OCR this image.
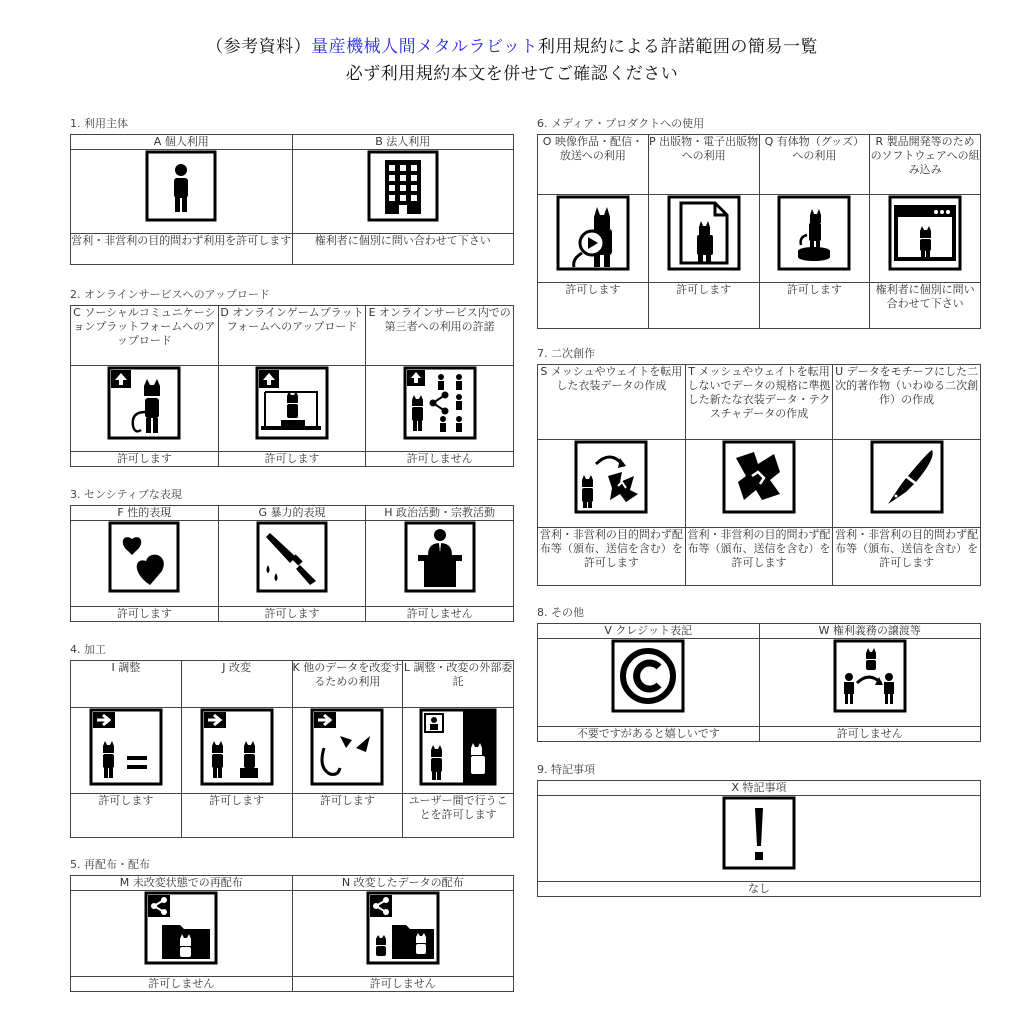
（参考資料）量産機械人間メタルラビット利用規約による許諾範囲の簡易一覧
必ず利用規約本文を併せてご確認ください
1. 利用主体
A 個人利用	B 法人利用

営利・非営利の目的問わず利用を許可します	権利者に個別に問い合わせて下さい
2. オンラインサービスへのアップロード
C ソーシャルコミュニケーションプラットフォームへのアップロード	D オンラインゲームプラットフォームへのアップロード	E オンラインサービス内での第三者への利用の許諾

許可します	許可します	許可しません
3. センシティブな表現
F 性的表現	G 暴力的表現	H 政治活動・宗教活動

許可します	許可します	許可しません
4. 加工
I 調整	J 改変	K 他のデータを改変するための利用	L 調整・改変の外部委託

許可します	許可します	許可します	ユーザー間で行うことを許可します
5. 再配布・配布
M 未改変状態での再配布	N 改変したデータの配布

許可しません	許可しません
6. メディア・プロダクトへの使用
O 映像作品・配信・放送への利用	P 出版物・電子出版物への利用	Q 有体物（グッズ）への利用	R 製品開発等のためのソフトウェアへの組み込み

許可します	許可します	許可します	権利者に個別に問い合わせて下さい
7. 二次創作
S メッシュやウェイトを転用した衣装データの作成	T メッシュやウェイトを転用しないでデータの規格に準拠した新たな衣装データ・テクスチャデータの作成	U データをモチーフにした二次的著作物（いわゆる二次創作）の作成

営利・非営利の目的問わず配布等（頒布、送信を含む）を許可します	営利・非営利の目的問わず配布等（頒布、送信を含む）を許可します	営利・非営利の目的問わず配布等（頒布、送信を含む）を許可します
8. その他
V クレジット表記	W 権利義務の譲渡等

不要ですがあると嬉しいです	許可しません
9. 特記事項
X 特記事項

なし
